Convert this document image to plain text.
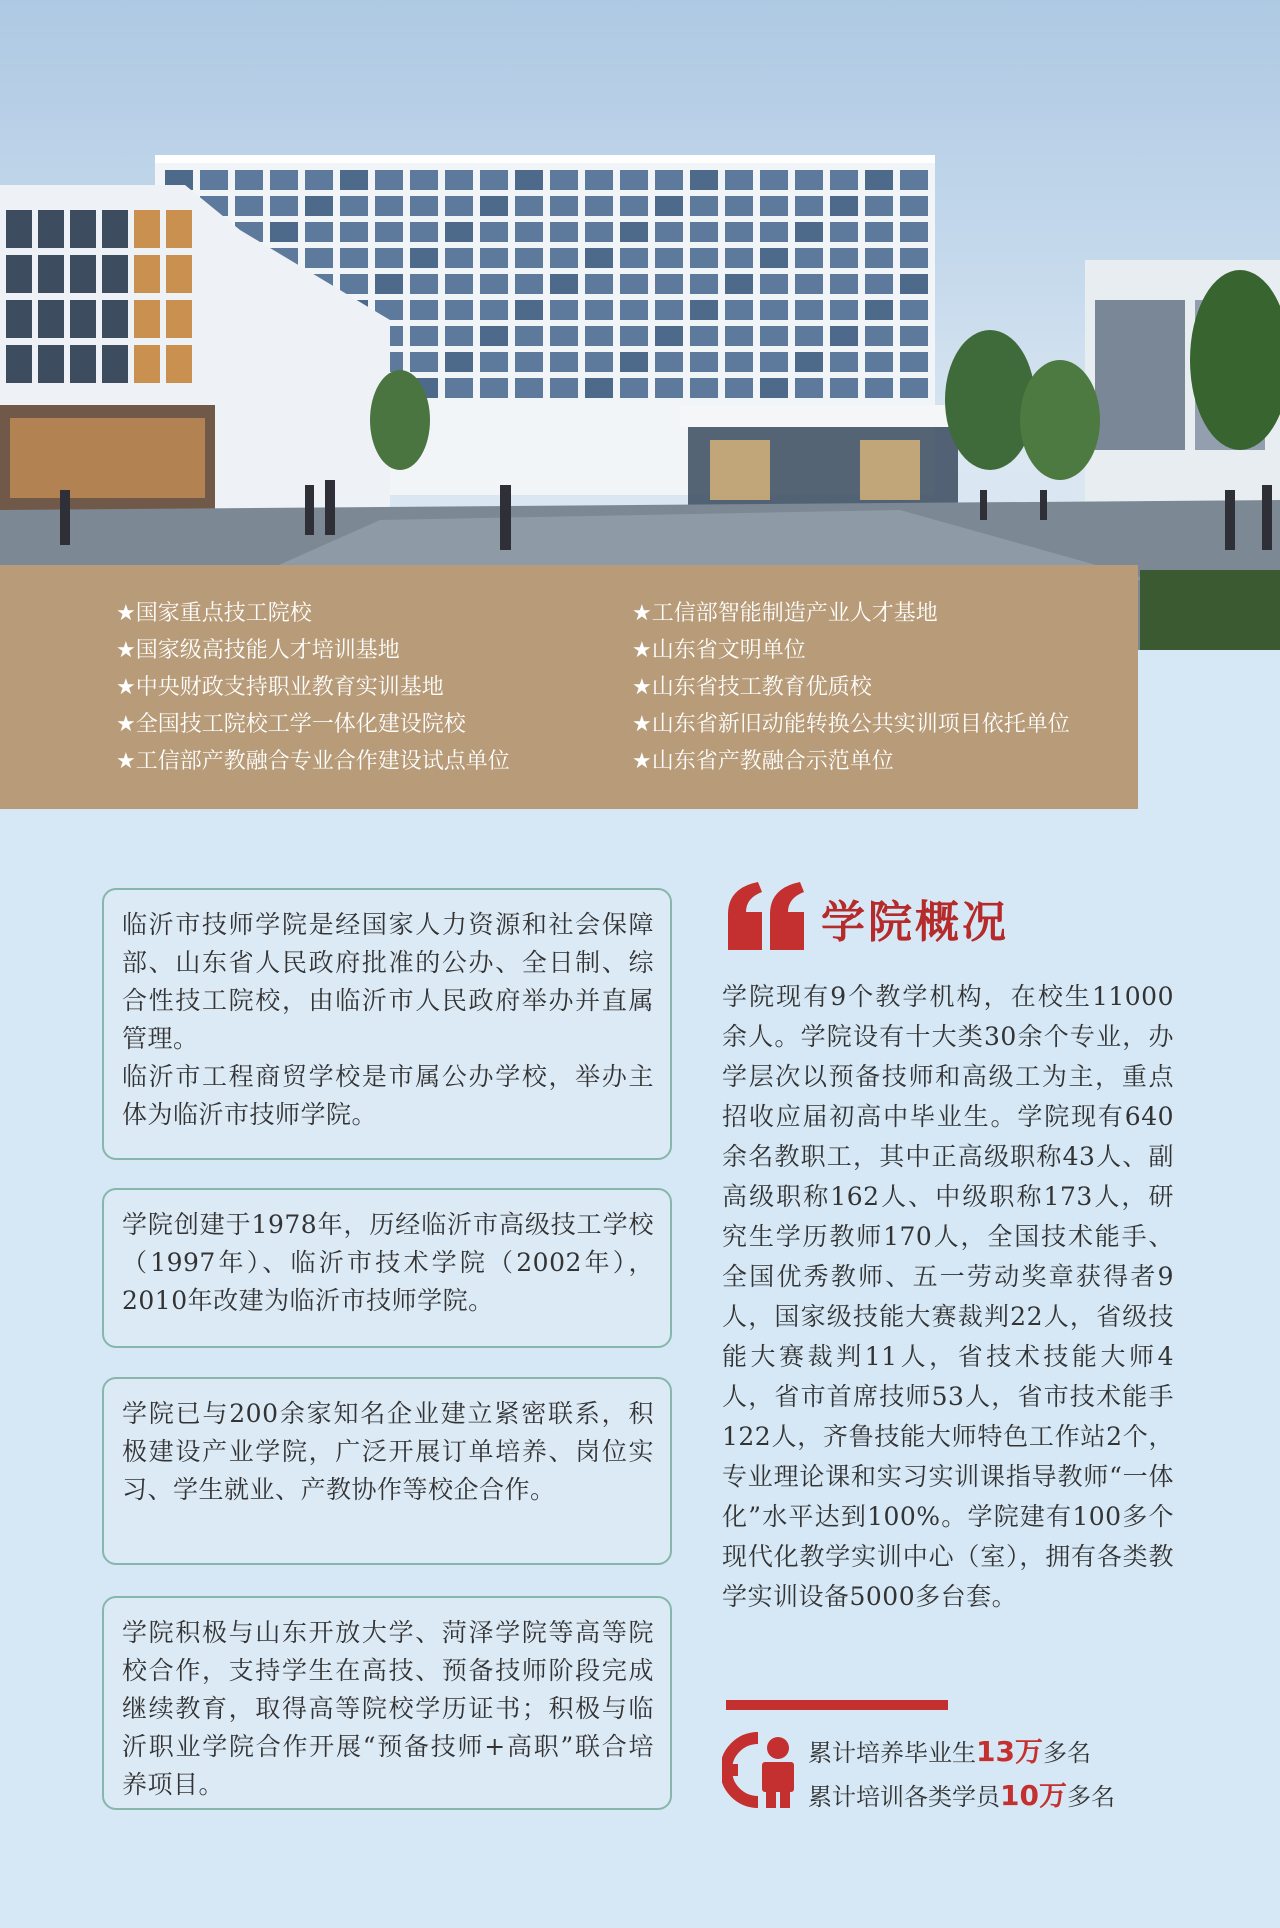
★国家重点技工院校
★国家级高技能人才培训基地
★中央财政支持职业教育实训基地
★全国技工院校工学一体化建设院校
★工信部产教融合专业合作建设试点单位
★工信部智能制造产业人才基地
★山东省文明单位
★山东省技工教育优质校
★山东省新旧动能转换公共实训项目依托单位
★山东省产教融合示范单位

临沂市技师学院是经国家人力资源和社会保障部、山东省人民政府批准的公办、全日制、综合性技工院校，由临沂市人民政府举办并直属管理。

临沂市工程商贸学校是市属公办学校，举办主体为临沂市技师学院。

学院创建于1978年，历经临沂市高级技工学校（1997年）、临沂市技术学院（2002年），2010年改建为临沂市技师学院。

学院已与200余家知名企业建立紧密联系，积极建设产业学院，广泛开展订单培养、岗位实习、学生就业、产教协作等校企合作。

学院积极与山东开放大学、菏泽学院等高等院校合作，支持学生在高技、预备技师阶段完成继续教育，取得高等院校学历证书；积极与临沂职业学院合作开展“预备技师+高职”联合培养项目。

学院概况

学院现有9个教学机构，在校生11000余人。学院设有十大类30余个专业，办学层次以预备技师和高级工为主，重点招收应届初高中毕业生。学院现有640余名教职工，其中正高级职称43人、副高级职称162人、中级职称173人，研究生学历教师170人，全国技术能手、全国优秀教师、五一劳动奖章获得者9人，国家级技能大赛裁判22人，省级技能大赛裁判11人，省技术技能大师4人，省市首席技师53人，省市技术能手122人，齐鲁技能大师特色工作站2个，专业理论课和实习实训课指导教师“一体化”水平达到100%。学院建有100多个现代化教学实训中心（室），拥有各类教学实训设备5000多台套。

累计培养毕业生13万多名
累计培训各类学员10万多名
